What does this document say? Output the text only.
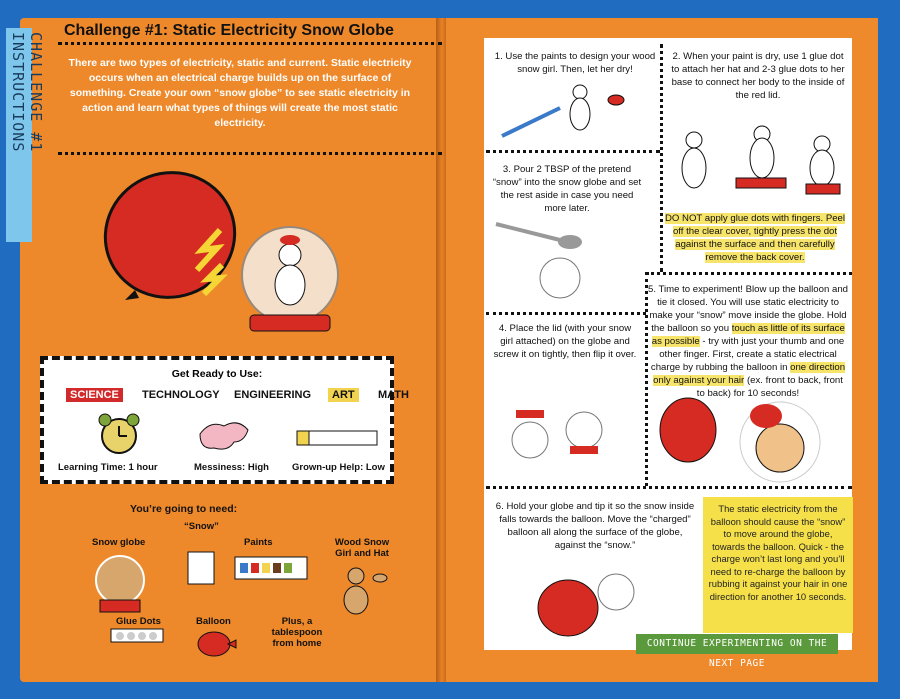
CHALLENGE #1 INSTRUCTIONS
Challenge #1: Static Electricity Snow Globe
There are two types of electricity, static and current. Static electricity occurs when an electrical charge builds up on the surface of something. Create your own “snow globe” to see static electricity in action and learn what types of things will create the most static electricity.
Get Ready to Use:
SCIENCE	TECHNOLOGY	ENGINEERING	ART	MATH
Learning Time: 1 hour	Messiness: High Grown-up Help: Low
You’re going to need:
Snow globe
“Snow”
Paints	Wood Snow Girl and Hat
Glue Dots	Balloon	Plus, a tablespoon from home
1. Use the paints to design your wood snow girl. Then, let her dry!
2. When your paint is dry, use 1 glue dot to attach her hat and 2-3 glue dots to her base to connect her body to the inside of the red lid.
3. Pour 2 TBSP of the pretend “snow” into the snow globe and set the rest aside in case you need more later.
DO NOT apply glue dots with fingers. Peel off the clear cover, tightly press the dot against the surface and then carefully remove the back cover.
4. Place the lid (with your snow girl attached) on the globe and screw it on tightly, then flip it over.
5. Time to experiment! Blow up the balloon and tie it closed. You will use static electricity to make your “snow” move inside the globe. Hold the balloon so you touch as little of its surface as possible - try with just your thumb and one other finger. First, create a static electrical charge by rubbing the balloon in one direction only against your hair (ex. front to back, front to back) for 10 seconds!
6. Hold your globe and tip it so the snow inside falls towards the balloon. Move the “charged” balloon all along the surface of the globe, against the “snow.”
The static electricity from the balloon should cause the “snow” to move around the globe, towards the balloon. Quick - the charge won’t last long and you’ll need to re-charge the balloon by rubbing it against your hair in one direction for another 10 seconds.
CONTINUE EXPERIMENTING ON THE NEXT PAGE
